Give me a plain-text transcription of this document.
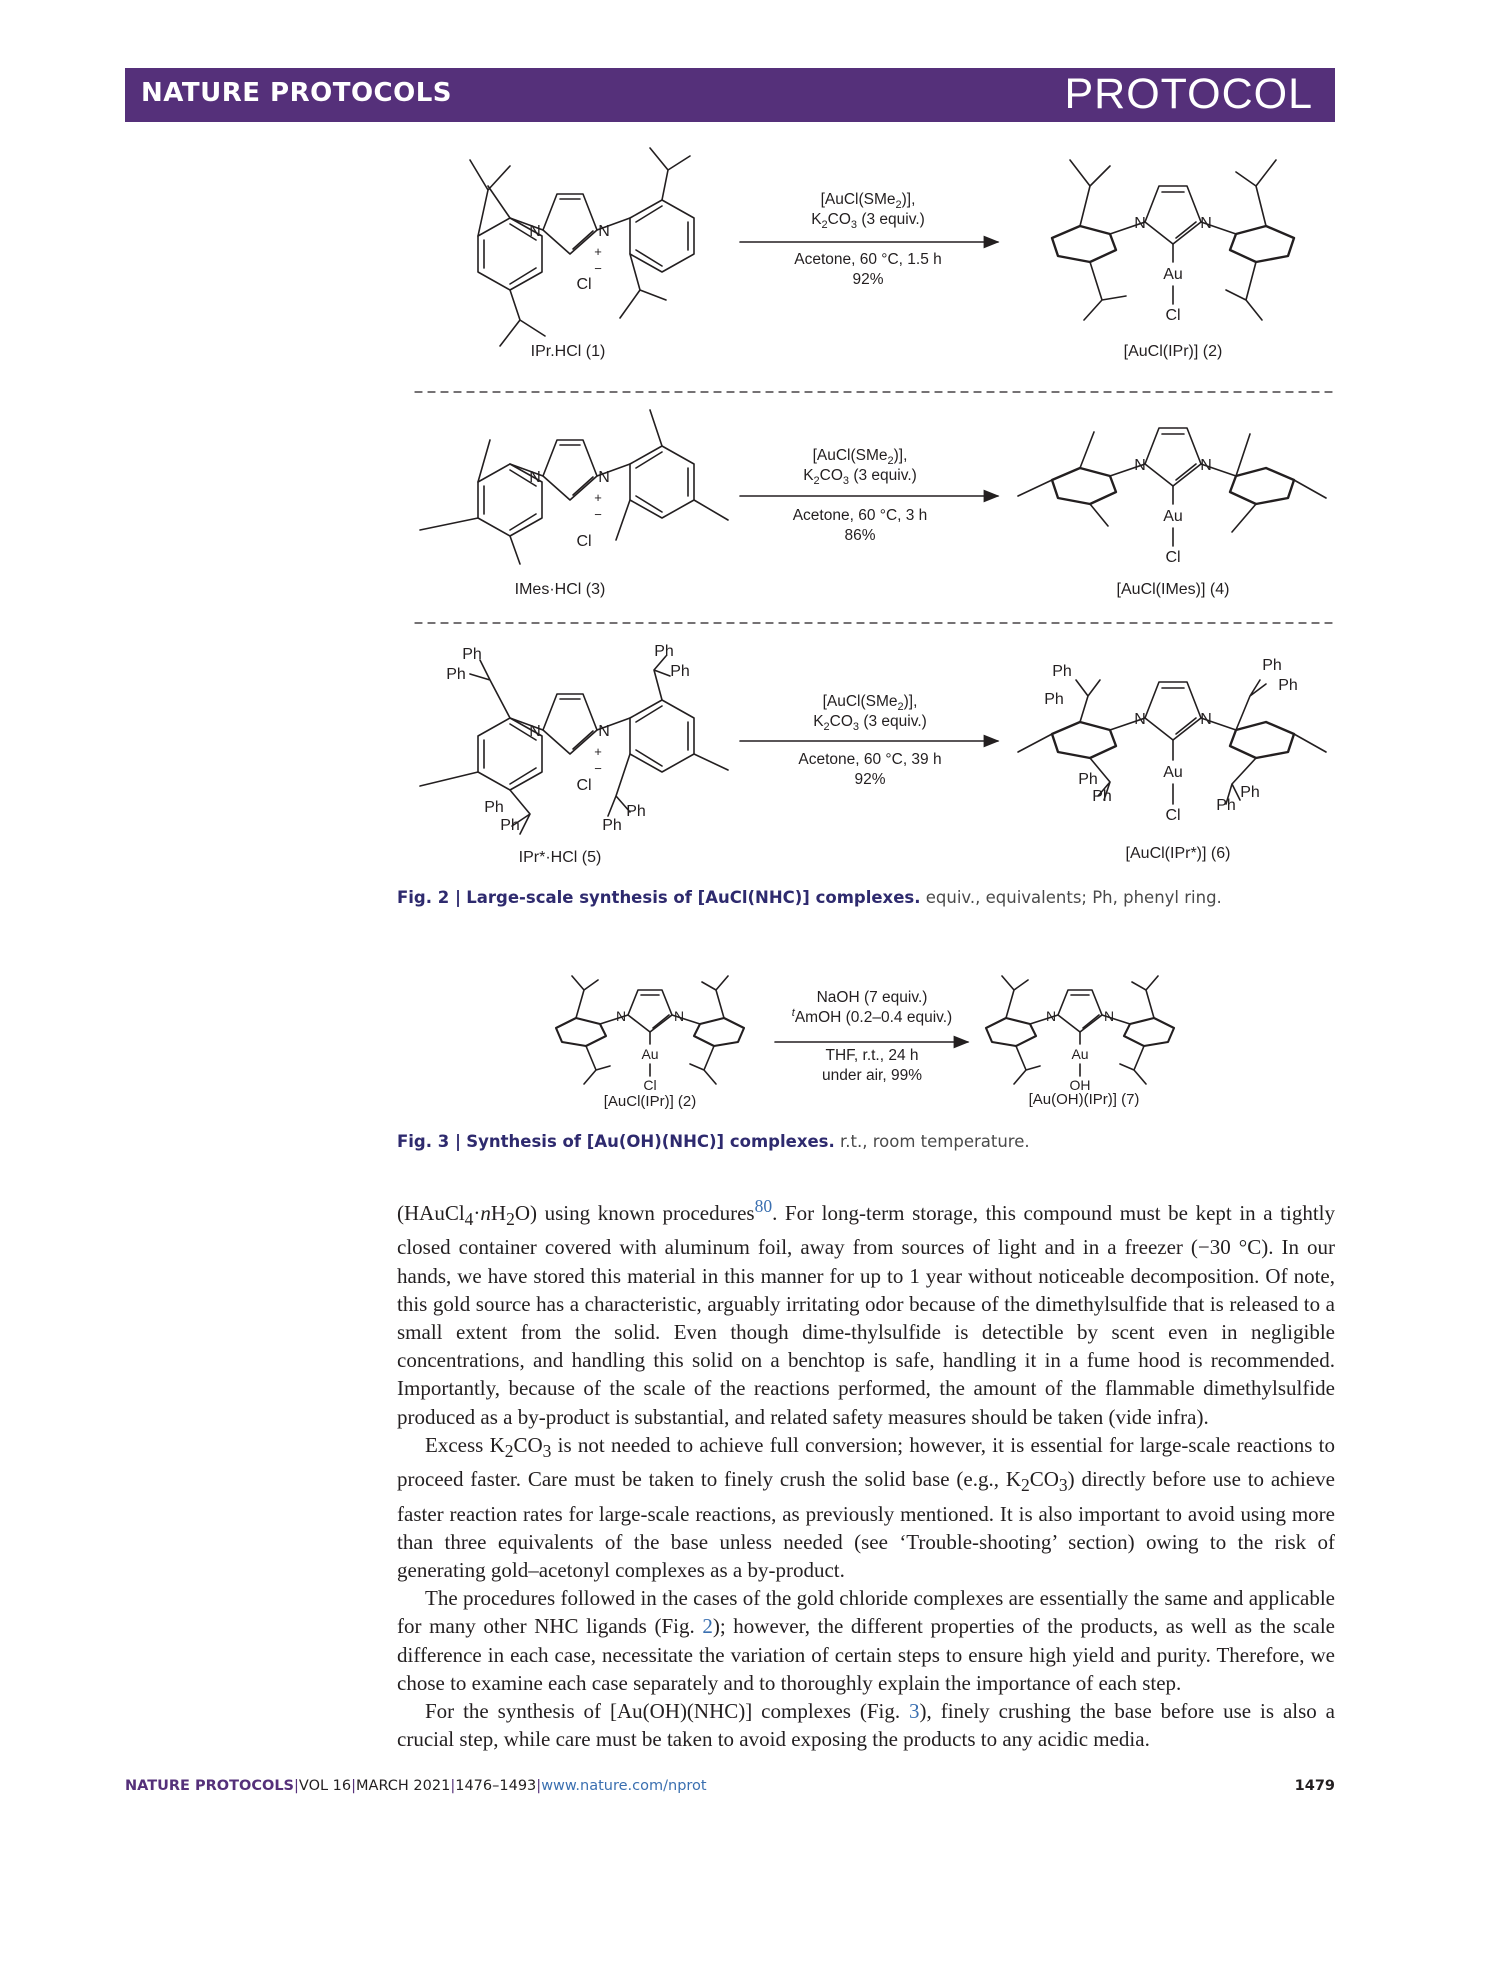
NATURE PROTOCOLS	PROTOCOL
N	N
+
−
Cl
N	N
Au
Cl
N	N
+
−
Cl
N	N
Au
Cl
N	N
+
−
Cl
Ph
Ph
Ph
Ph
Ph
Ph	Ph
Ph
N	N
Au
Cl
Ph
Ph
Ph
Ph
Ph
Ph
Ph
Ph
N	N
Au
Cl
N	N
Au
OH
[AuCl(SMe$_2$)],
$K_2CO_3$ (3 equiv.)
Acetone, 60 °C, 1.5 h
92%
[AuCl(SMe$_2$)],
$K_2CO_3$ (3 equiv.)
Acetone, 60 °C, 3 h
86%
[AuCl(SMe$_2$)],
$K_2CO_3$ (3 equiv.)
Acetone, 60 °C, 39 h
92%
NaOH (7 equiv.)
$^t$AmOH (0.2–0.4 equiv.)
THF, r.t., 24 h
under air, 99%
IPr.HCl (1)	[AuCl(IPr)] (2)
IMes·HCl (3)	[AuCl(IMes)] (4)
IPr*·HCl (5)	[AuCl(IPr*)] (6)
[AuCl(IPr)] (2)	[Au(OH)(IPr)] (7)
Fig. 2 | Large-scale synthesis of [AuCl(NHC)] complexes. equiv., equivalents; Ph, phenyl ring.
Fig. 3 | Synthesis of [Au(OH)(NHC)] complexes. r.t., room temperature.

$(HAuCl_4\cdot nH_2O)$ using known procedures$^{80}$. For long-term storage, this compound must be kept in a tightly closed container covered with aluminum foil, away from sources of light and in a freezer (−30 °C). In our hands, we have stored this material in this manner for up to 1 year without noticeable decomposition. Of note, this gold source has a characteristic, arguably irritating odor because of the dimethylsulfide that is released to a small extent from the solid. Even though dime-thylsulfide is detectible by scent even in negligible concentrations, and handling this solid on a benchtop is safe, handling it in a fume hood is recommended. Importantly, because of the scale of the reactions performed, the amount of the flammable dimethylsulfide produced as a by-product is substantial, and related safety measures should be taken (vide infra).

Excess $K_2CO_3$ is not needed to achieve full conversion; however, it is essential for large-scale reactions to proceed faster. Care must be taken to finely crush the solid base (e.g., $K_2CO_3$) directly before use to achieve faster reaction rates for large-scale reactions, as previously mentioned. It is also important to avoid using more than three equivalents of the base unless needed (see ‘Trouble-shooting’ section) owing to the risk of generating gold–acetonyl complexes as a by-product.

The procedures followed in the cases of the gold chloride complexes are essentially the same and applicable for many other NHC ligands (Fig. 2); however, the different properties of the products, as well as the scale difference in each case, necessitate the variation of certain steps to ensure high yield and purity. Therefore, we chose to examine each case separately and to thoroughly explain the importance of each step.

For the synthesis of [Au(OH)(NHC)] complexes (Fig. 3), finely crushing the base before use is also a crucial step, while care must be taken to avoid exposing the products to any acidic media.

NATURE PROTOCOLS|VOL 16|MARCH 2021|1476–1493|www.nature.com/nprot	1479
